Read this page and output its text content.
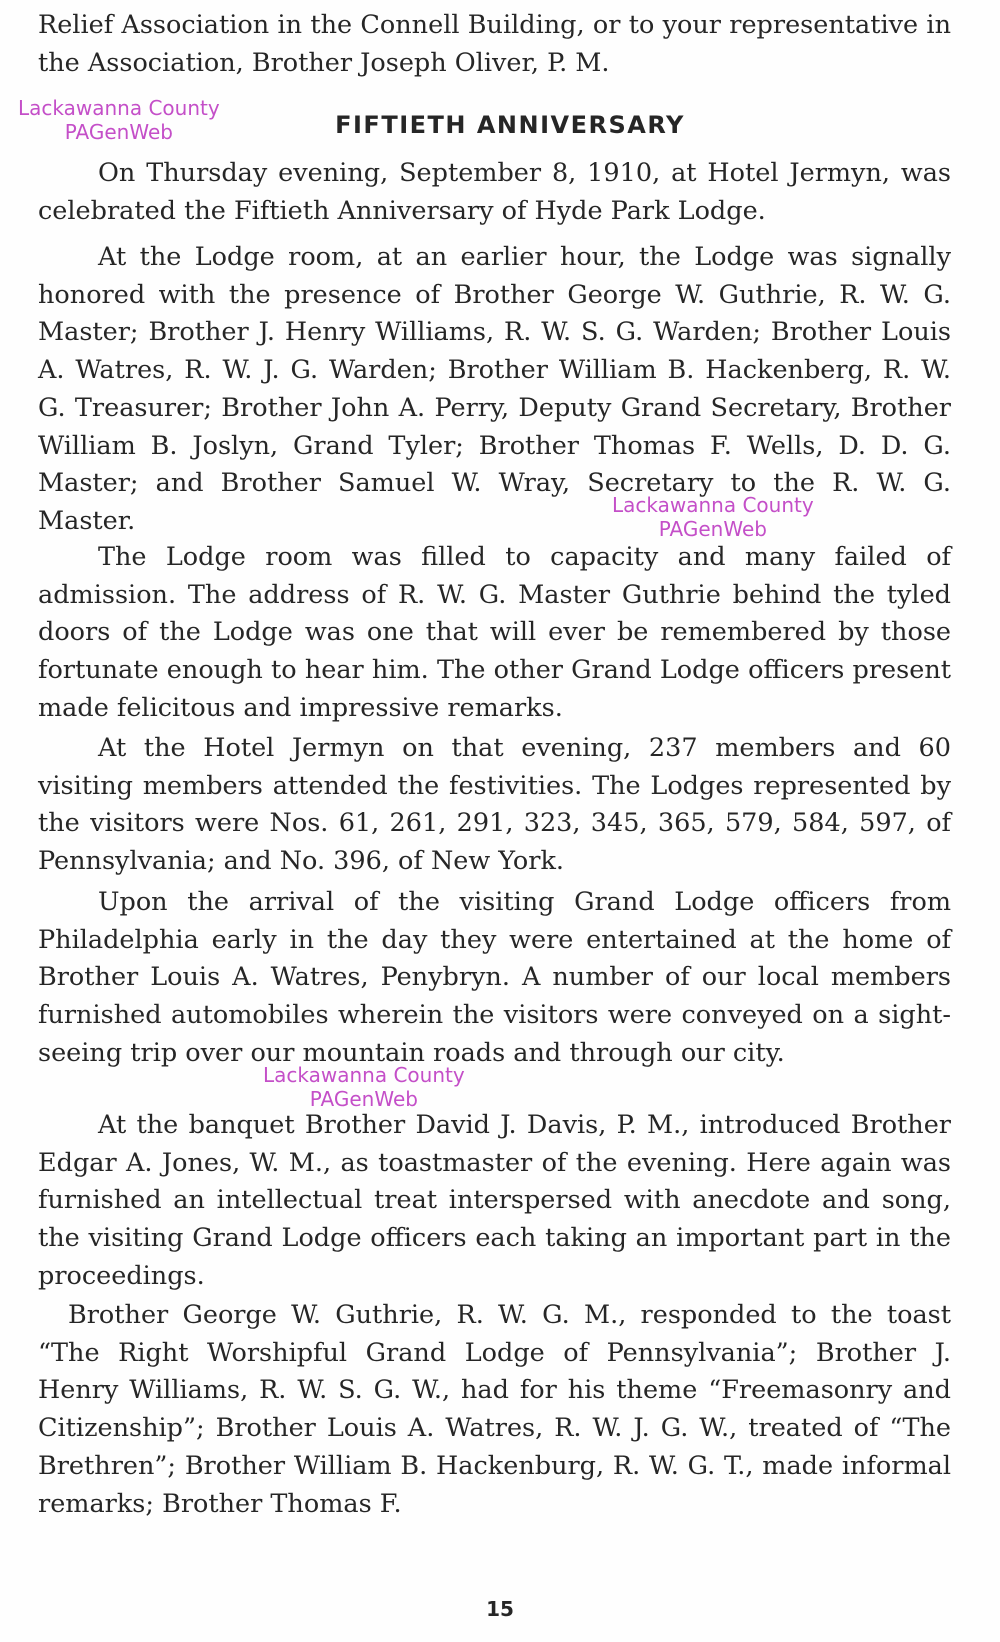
Relief Association in the Connell Building, or to your representative in the Association, Brother Joseph Oliver, P. M.

Lackawanna County
PAGenWeb	FIFTIETH ANNIVERSARY

On Thursday evening, September 8, 1910, at Hotel Jermyn, was celebrated the Fiftieth Anniversary of Hyde Park Lodge.

At the Lodge room, at an earlier hour, the Lodge was signally honored with the presence of Brother George W. Guthrie, R. W. G. Master; Brother J. Henry Williams, R. W. S. G. Warden; Brother Louis A. Watres, R. W. J. G. Warden; Brother William B. Hackenberg, R. W. G. Treasurer; Brother John A. Perry, Deputy Grand Secretary, Brother William B. Joslyn, Grand Tyler; Brother Thomas F. Wells, D. D. G. Master; and Brother Samuel W. Wray, Secretary to the R. W. G. Master.

Lackawanna County
PAGenWeb

The Lodge room was filled to capacity and many failed of admission. The address of R. W. G. Master Guthrie behind the tyled doors of the Lodge was one that will ever be remembered by those fortunate enough to hear him. The other Grand Lodge officers present made felicitous and impressive remarks.

At the Hotel Jermyn on that evening, 237 members and 60 visiting members attended the festivities. The Lodges represented by the visitors were Nos. 61, 261, 291, 323, 345, 365, 579, 584, 597, of Pennsylvania; and No. 396, of New York.

Upon the arrival of the visiting Grand Lodge officers from Philadelphia early in the day they were entertained at the home of Brother Louis A. Watres, Penybryn. A number of our local members furnished automobiles wherein the visitors were conveyed on a sight-seeing trip over our mountain roads and through our city.

Lackawanna County
PAGenWeb

At the banquet Brother David J. Davis, P. M., introduced Brother Edgar A. Jones, W. M., as toastmaster of the evening. Here again was furnished an intellectual treat interspersed with anecdote and song, the visiting Grand Lodge officers each taking an important part in the proceedings.

Brother George W. Guthrie, R. W. G. M., responded to the toast “The Right Worshipful Grand Lodge of Pennsylvania”; Brother J. Henry Williams, R. W. S. G. W., had for his theme “Freemasonry and Citizenship”; Brother Louis A. Watres, R. W. J. G. W., treated of “The Brethren”; Brother William B. Hackenburg, R. W. G. T., made informal remarks; Brother Thomas F.

15
